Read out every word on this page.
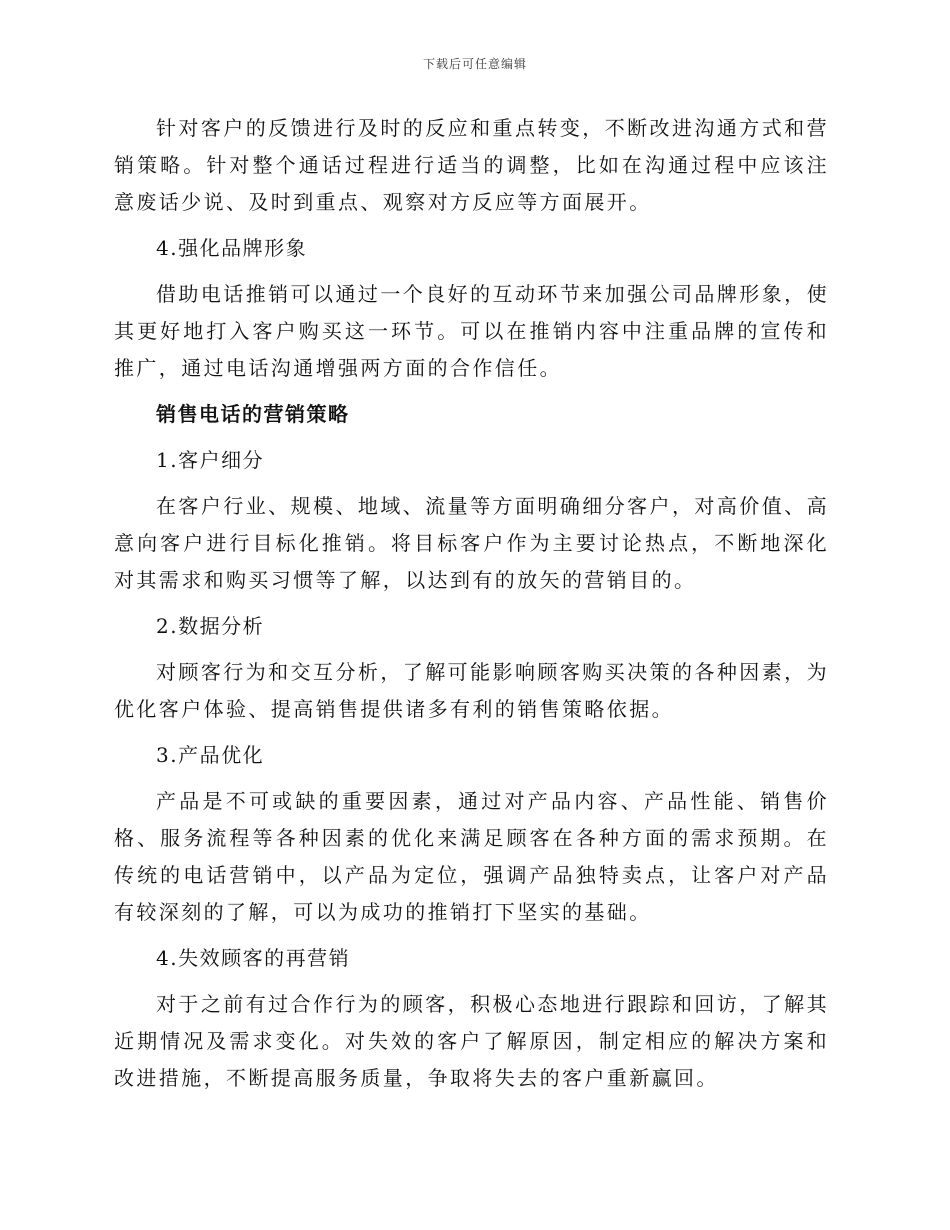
下载后可任意编辑

针对客户的反馈进行及时的反应和重点转变，不断改进沟通方式和营销策略。针对整个通话过程进行适当的调整，比如在沟通过程中应该注意废话少说、及时到重点、观察对方反应等方面展开。

4.强化品牌形象

借助电话推销可以通过一个良好的互动环节来加强公司品牌形象，使其更好地打入客户购买这一环节。可以在推销内容中注重品牌的宣传和推广，通过电话沟通增强两方面的合作信任。

销售电话的营销策略

1.客户细分

在客户行业、规模、地域、流量等方面明确细分客户，对高价值、高意向客户进行目标化推销。将目标客户作为主要讨论热点，不断地深化对其需求和购买习惯等了解，以达到有的放矢的营销目的。

2.数据分析

对顾客行为和交互分析，了解可能影响顾客购买决策的各种因素，为优化客户体验、提高销售提供诸多有利的销售策略依据。

3.产品优化

产品是不可或缺的重要因素，通过对产品内容、产品性能、销售价格、服务流程等各种因素的优化来满足顾客在各种方面的需求预期。在传统的电话营销中，以产品为定位，强调产品独特卖点，让客户对产品有较深刻的了解，可以为成功的推销打下坚实的基础。

4.失效顾客的再营销

对于之前有过合作行为的顾客，积极心态地进行跟踪和回访，了解其近期情况及需求变化。对失效的客户了解原因，制定相应的解决方案和改进措施，不断提高服务质量，争取将失去的客户重新赢回。
